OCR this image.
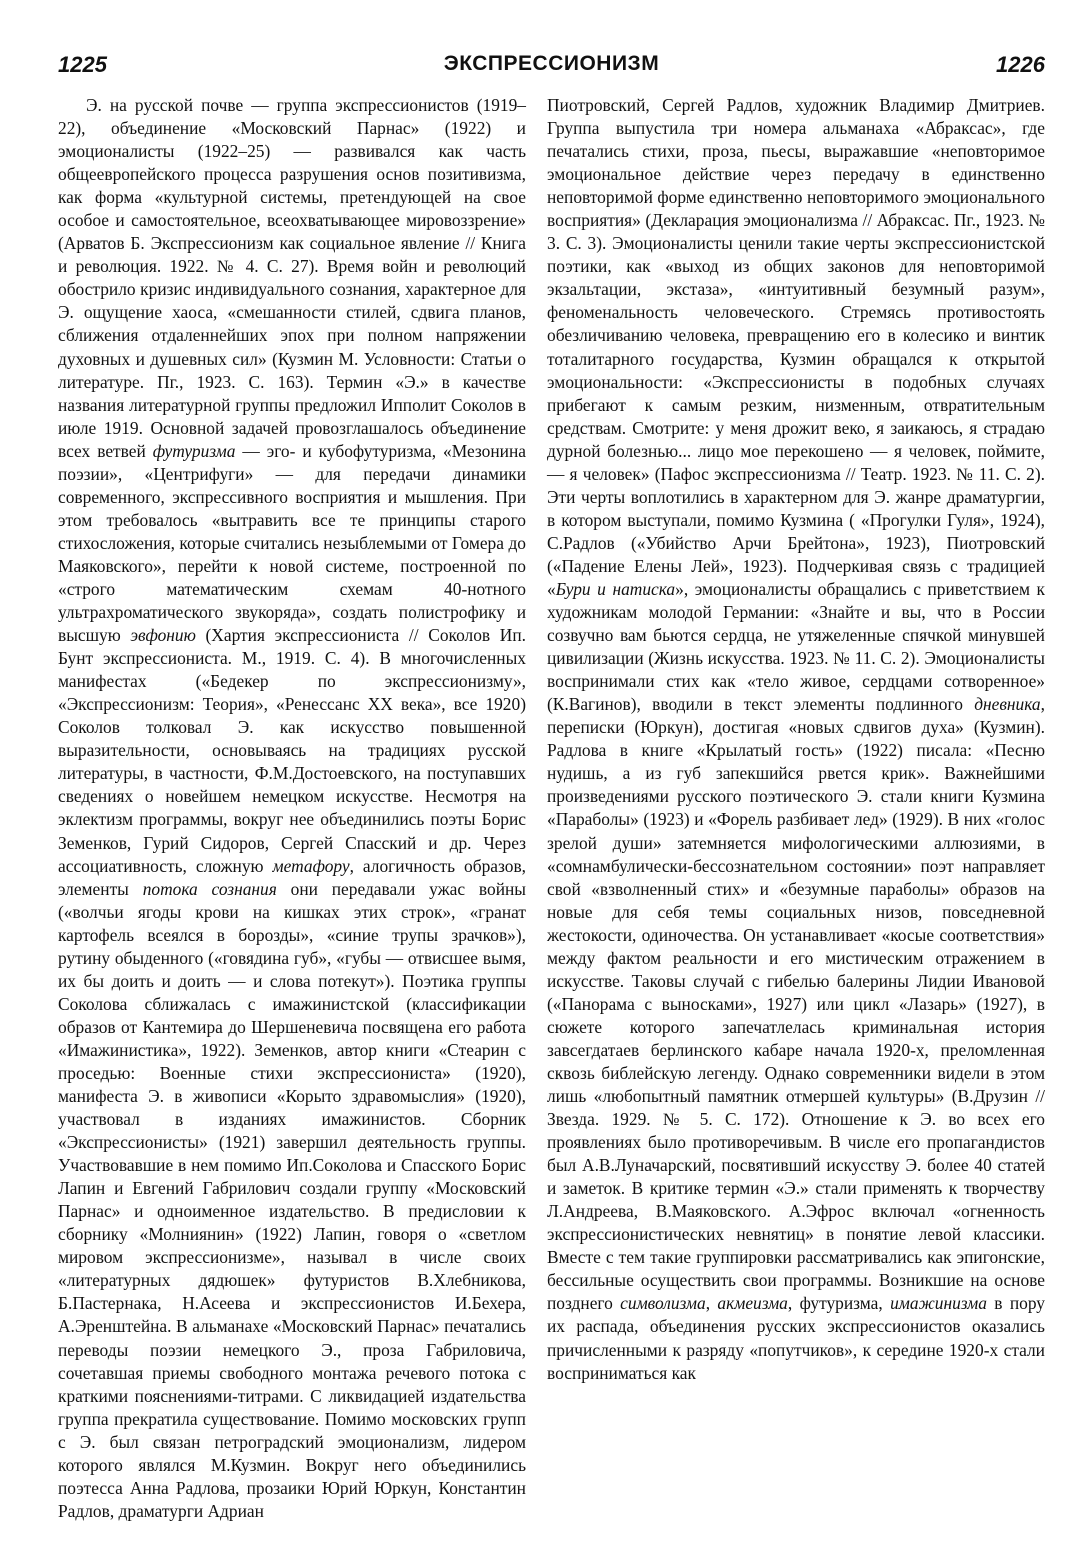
1225	ЭКСПРЕССИОНИЗМ	1226

Э. на русской почве — группа экспрессионистов (1919–22), объединение «Московский Парнас» (1922) и эмоционалисты (1922–25) — развивался как часть общеевропейского процесса разрушения основ позитивизма, как форма «культурной системы, претендующей на свое особое и самостоятельное, всеохватывающее мировоззрение» (Арватов Б. Экспрессионизм как социальное явление // Книга и революция. 1922. № 4. С. 27). Время войн и революций обострило кризис индивидуального сознания, характерное для Э. ощущение хаоса, «смешанности стилей, сдвига планов, сближения отдаленнейших эпох при полном напряжении духовных и душевных сил» (Кузмин М. Условности: Статьи о литературе. Пг., 1923. С. 163). Термин «Э.» в качестве названия литературной группы предложил Ипполит Соколов в июле 1919. Основной задачей провозглашалось объединение всех ветвей футуризма — эго- и кубофутуризма, «Мезонина поэзии», «Центрифуги» — для передачи динамики современного, экспрессивного восприятия и мышления. При этом требовалось «вытравить все те принципы старого стихосложения, которые считались незыблемыми от Гомера до Маяковского», перейти к новой системе, построенной по «строго математическим схемам 40-нотного ультрахроматического звукоряда», создать полистрофику и высшую эвфонию (Хартия экспрессиониста // Соколов Ип. Бунт экспрессиониста. М., 1919. С. 4). В многочисленных манифестах («Бедекер по экспрессионизму», «Экспрессионизм: Теория», «Ренессанс XX века», все 1920) Соколов толковал Э. как искусство повышенной выразительности, основываясь на традициях русской литературы, в частности, Ф.М.Достоевского, на поступавших сведениях о новейшем немецком искусстве. Несмотря на эклектизм программы, вокруг нее объединились поэты Борис Земенков, Гурий Сидоров, Сергей Спасский и др. Через ассоциативность, сложную метафору, алогичность образов, элементы потока сознания они передавали ужас войны («волчьи ягоды крови на кишках этих строк», «гранат картофель всеялся в борозды», «синие трупы зрачков»), рутину обыденного («говядина губ», «губы — отвисшее вымя, их бы доить и доить — и слова потекут»). Поэтика группы Соколова сближалась с имажинистской (классификации образов от Кантемира до Шершеневича посвящена его работа «Имажинистика», 1922). Земенков, автор книги «Стеарин с проседью: Военные стихи экспрессиониста» (1920), манифеста Э. в живописи «Корыто здравомыслия» (1920), участвовал в изданиях имажинистов. Сборник «Экспрессионисты» (1921) завершил деятельность группы. Участвовавшие в нем помимо Ип.Соколова и Спасского Борис Лапин и Евгений Габрилович создали группу «Московский Парнас» и одноименное издательство. В предисловии к сборнику «Молниянин» (1922) Лапин, говоря о «светлом мировом экспрессионизме», называл в числе своих «литературных дядюшек» футуристов В.Хлебникова, Б.Пастернака, Н.Асеева и экспрессионистов И.Бехера, А.Эренштейна. В альманахе «Московский Парнас» печатались переводы поэзии немецкого Э., проза Габриловича, сочетавшая приемы свободного монтажа речевого потока с краткими пояснениями-титрами. С ликвидацией издательства группа прекратила существование. Помимо московских групп с Э. был связан петроградский эмоционализм, лидером которого являлся М.Кузмин. Вокруг него объединились поэтесса Анна Радлова, прозаики Юрий Юркун, Константин Радлов, драматурги Адриан

Пиотровский, Сергей Радлов, художник Владимир Дмитриев. Группа выпустила три номера альманаха «Абраксас», где печатались стихи, проза, пьесы, выражавшие «неповторимое эмоциональное действие через передачу в единственно неповторимой форме единственно неповторимого эмоционального восприятия» (Декларация эмоционализма // Абраксас. Пг., 1923. № 3. С. 3). Эмоционалисты ценили такие черты экспрессионистской поэтики, как «выход из общих законов для неповторимой экзальтации, экстаза», «интуитивный безумный разум», феноменальность человеческого. Стремясь противостоять обезличиванию человека, превращению его в колесико и винтик тоталитарного государства, Кузмин обращался к открытой эмоциональности: «Экспрессионисты в подобных случаях прибегают к самым резким, низменным, отвратительным средствам. Смотрите: у меня дрожит веко, я заикаюсь, я страдаю дурной болезнью... лицо мое перекошено — я человек, поймите, — я человек» (Пафос экспрессионизма // Театр. 1923. № 11. С. 2). Эти черты воплотились в характерном для Э. жанре драматургии, в котором выступали, помимо Кузмина ( «Прогулки Гуля», 1924), С.Радлов («Убийство Арчи Брейтона», 1923), Пиотровский («Падение Елены Лей», 1923). Подчеркивая связь с традицией «Бури и натиска», эмоционалисты обращались с приветствием к художникам молодой Германии: «Знайте и вы, что в России созвучно вам бьются сердца, не утяжеленные спячкой минувшей цивилизации (Жизнь искусства. 1923. № 11. С. 2). Эмоционалисты воспринимали стих как «тело живое, сердцами сотворенное» (К.Вагинов), вводили в текст элементы подлинного дневника, переписки (Юркун), достигая «новых сдвигов духа» (Кузмин). Радлова в книге «Крылатый гость» (1922) писала: «Песню нудишь, а из губ запекшийся рвется крик». Важнейшими произведениями русского поэтического Э. стали книги Кузмина «Параболы» (1923) и «Форель разбивает лед» (1929). В них «голос зрелой души» затемняется мифологическими аллюзиями, в «сомнамбулически-бессознательном состоянии» поэт направляет свой «взволненный стих» и «безумные параболы» образов на новые для себя темы социальных низов, повседневной жестокости, одиночества. Он устанавливает «косые соответствия» между фактом реальности и его мистическим отражением в искусстве. Таковы случай с гибелью балерины Лидии Ивановой («Панорама с выносками», 1927) или цикл «Лазарь» (1927), в сюжете которого запечатлелась криминальная история завсегдатаев берлинского кабаре начала 1920-х, преломленная сквозь библейскую легенду. Однако современники видели в этом лишь «любопытный памятник отмершей культуры» (В.Друзин // Звезда. 1929. № 5. С. 172). Отношение к Э. во всех его проявлениях было противоречивым. В числе его пропагандистов был А.В.Луначарский, посвятивший искусству Э. более 40 статей и заметок. В критике термин «Э.» стали применять к творчеству Л.Андреева, В.Маяковского. А.Эфрос включал «огненность экспрессионистических невнятиц» в понятие левой классики. Вместе с тем такие группировки рассматривались как эпигонские, бессильные осуществить свои программы. Возникшие на основе позднего символизма, акмеизма, футуризма, имажинизма в пору их распада, объединения русских экспрессионистов оказались причисленными к разряду «попутчиков», к середине 1920-х стали восприниматься как
